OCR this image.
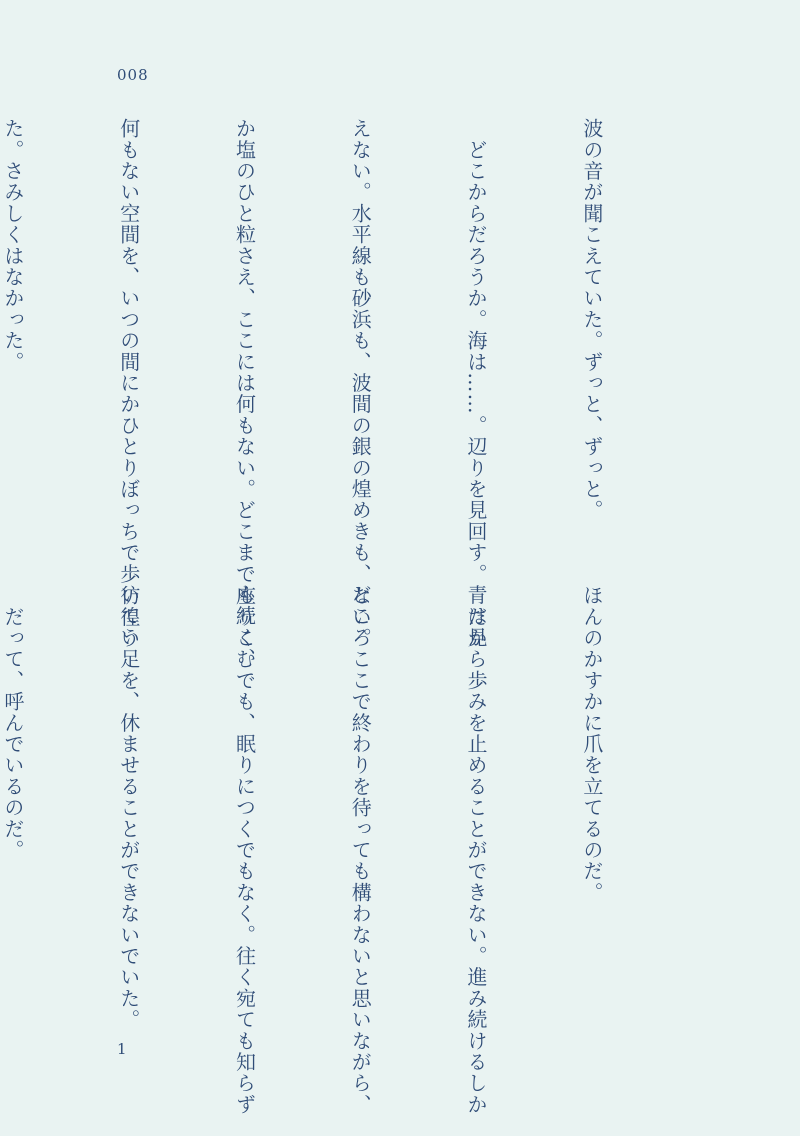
008

波の音が聞こえていた。ずっと、ずっと。

　どこからだろうか。海は……。辺りを見回す。青は見

えない。水平線も砂浜も、波間の銀の煌めきも、どころ

か塩のひと粒さえ、ここには何もない。どこまでも続く、

何もない空間を、いつの間にかひとりぼっちで歩いてい

た。さみしくはなかった。

ほんのかすかに爪を立てるのだ。

　だから歩みを止めることができない。進み続けるしか

ない。ここで終わりを待っても構わないと思いながら、

座りこむでも、眠りにつくでもなく。往く宛ても知らず

彷徨う足を、休ませることができないでいた。

　だって、呼んでいるのだ。

1
